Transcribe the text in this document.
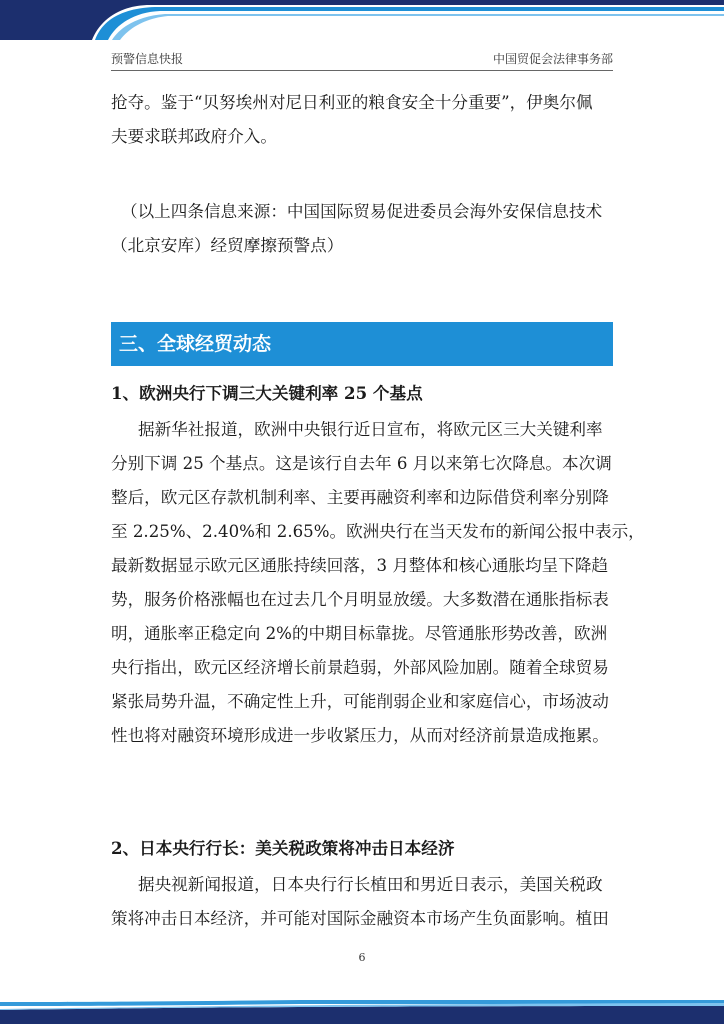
预警信息快报	中国贸促会法律事务部

抢夺。鉴于“贝努埃州对尼日利亚的粮食安全十分重要”，伊奥尔佩
夫要求联邦政府介入。

（以上四条信息来源：中国国际贸易促进委员会海外安保信息技术
（北京安库）经贸摩擦预警点）

三、全球经贸动态
1、欧洲央行下调三大关键利率 25 个基点

据新华社报道，欧洲中央银行近日宣布，将欧元区三大关键利率
分别下调 25 个基点。这是该行自去年 6 月以来第七次降息。本次调
整后，欧元区存款机制利率、主要再融资利率和边际借贷利率分别降
至 2.25%、2.40%和 2.65%。欧洲央行在当天发布的新闻公报中表示，
最新数据显示欧元区通胀持续回落，3 月整体和核心通胀均呈下降趋
势，服务价格涨幅也在过去几个月明显放缓。大多数潜在通胀指标表
明，通胀率正稳定向 2%的中期目标靠拢。尽管通胀形势改善，欧洲
央行指出，欧元区经济增长前景趋弱，外部风险加剧。随着全球贸易
紧张局势升温，不确定性上升，可能削弱企业和家庭信心，市场波动
性也将对融资环境形成进一步收紧压力，从而对经济前景造成拖累。

2、日本央行行长：美关税政策将冲击日本经济

据央视新闻报道，日本央行行长植田和男近日表示，美国关税政
策将冲击日本经济，并可能对国际金融资本市场产生负面影响。植田

6
